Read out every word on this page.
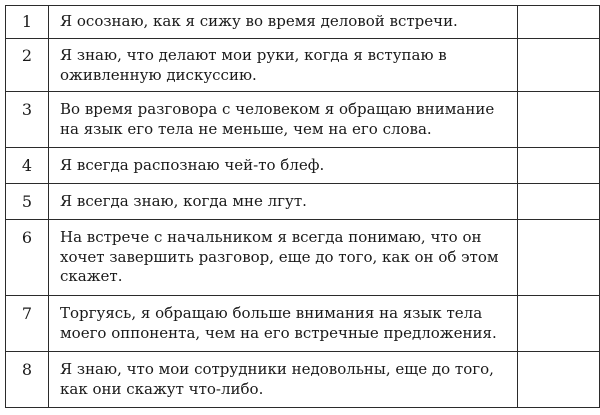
1	Я осознаю, как я сижу во время деловой встречи.	

2	Я знаю, что делают мои руки, когда я вступаю в оживленную дискуссию.	

3	Во время разговора с человеком я обращаю внимание на язык его тела не меньше, чем на его слова.	

4	Я всегда распознаю чей-то блеф.	

5	Я всегда знаю, когда мне лгут.	

6	На встрече с начальником я всегда понимаю, что он хочет завершить разговор, еще до того, как он об этом скажет.	

7	Торгуясь, я обращаю больше внимания на язык тела моего оппонента, чем на его встречные предложения.	

8	Я знаю, что мои сотрудники недовольны, еще до того, как они скажут что-либо.	
